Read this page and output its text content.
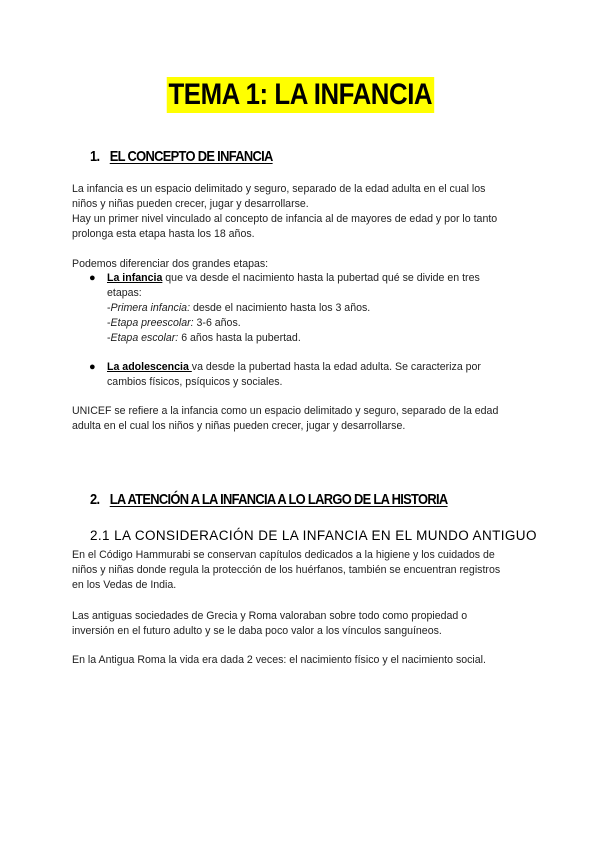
TEMA 1: LA INFANCIA
1. EL CONCEPTO DE INFANCIA
La infancia es un espacio delimitado y seguro, separado de la edad adulta en el cual los
niños y niñas pueden crecer, jugar y desarrollarse.
Hay un primer nivel vinculado al concepto de infancia al de mayores de edad y por lo tanto
prolonga esta etapa hasta los 18 años.
Podemos diferenciar dos grandes etapas:
● La infancia que va desde el nacimiento hasta la pubertad qué se divide en tres
etapas:
-Primera infancia: desde el nacimiento hasta los 3 años.
-Etapa preescolar: 3-6 años.
-Etapa escolar: 6 años hasta la pubertad.
● La adolescencia va desde la pubertad hasta la edad adulta. Se caracteriza por
cambios físicos, psíquicos y sociales.
UNICEF se refiere a la infancia como un espacio delimitado y seguro, separado de la edad
adulta en el cual los niños y niñas pueden crecer, jugar y desarrollarse.
2. LA ATENCIÓN A LA INFANCIA A LO LARGO DE LA HISTORIA
2.1 LA CONSIDERACIÓN DE LA INFANCIA EN EL MUNDO ANTIGUO
En el Código Hammurabi se conservan capítulos dedicados a la higiene y los cuidados de
niños y niñas donde regula la protección de los huérfanos, también se encuentran registros
en los Vedas de India.
Las antiguas sociedades de Grecia y Roma valoraban sobre todo como propiedad o
inversión en el futuro adulto y se le daba poco valor a los vínculos sanguíneos.
En la Antigua Roma la vida era dada 2 veces: el nacimiento físico y el nacimiento social.
